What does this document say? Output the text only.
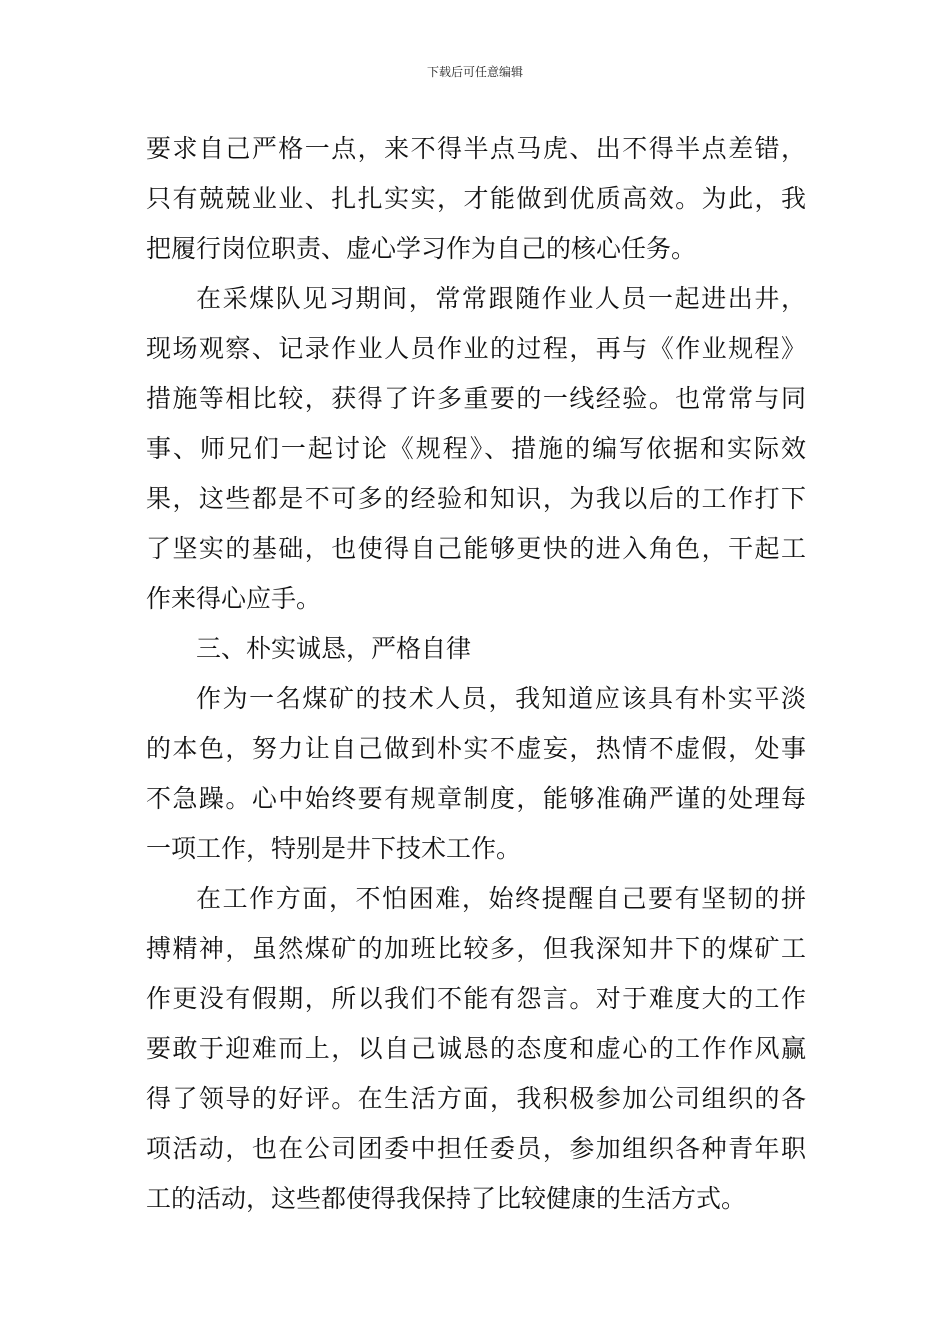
下载后可任意编辑
要求自己严格一点，来不得半点马虎、出不得半点差错，
只有兢兢业业、扎扎实实，才能做到优质高效。为此，我
把履行岗位职责、虚心学习作为自己的核心任务。
在采煤队见习期间，常常跟随作业人员一起进出井，
现场观察、记录作业人员作业的过程，再与《作业规程》
措施等相比较，获得了许多重要的一线经验。也常常与同
事、师兄们一起讨论《规程》、措施的编写依据和实际效
果，这些都是不可多的经验和知识，为我以后的工作打下
了坚实的基础，也使得自己能够更快的进入角色，干起工
作来得心应手。
三、朴实诚恳，严格自律
作为一名煤矿的技术人员，我知道应该具有朴实平淡
的本色，努力让自己做到朴实不虚妄，热情不虚假，处事
不急躁。心中始终要有规章制度，能够准确严谨的处理每
一项工作，特别是井下技术工作。
在工作方面，不怕困难，始终提醒自己要有坚韧的拼
搏精神，虽然煤矿的加班比较多，但我深知井下的煤矿工
作更没有假期，所以我们不能有怨言。对于难度大的工作
要敢于迎难而上，以自己诚恳的态度和虚心的工作作风赢
得了领导的好评。在生活方面，我积极参加公司组织的各
项活动，也在公司团委中担任委员，参加组织各种青年职
工的活动，这些都使得我保持了比较健康的生活方式。
